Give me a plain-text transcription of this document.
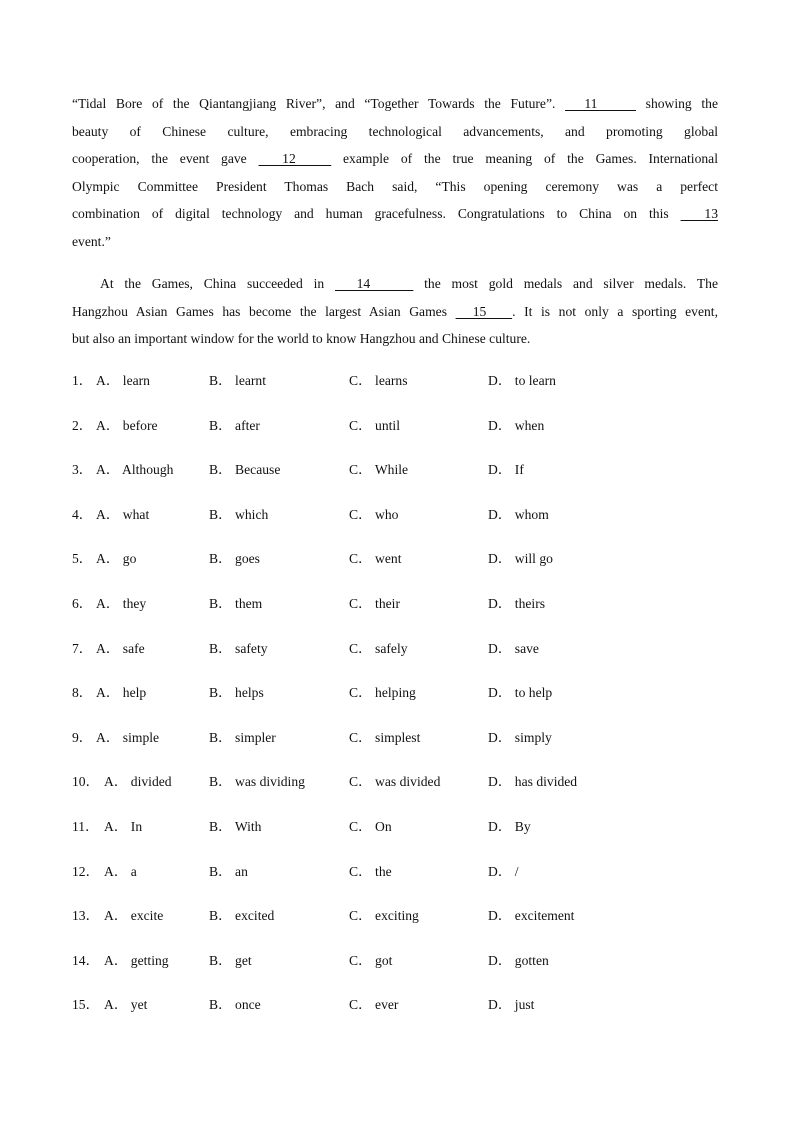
“Tidal Bore of the Qiantangjiang River”, and “Together Towards the Future”.   11     showing the
beauty of Chinese culture, embracing technological advancements, and promoting global
cooperation, the event gave   12    example of the true meaning of the Games. International
Olympic Committee President Thomas Bach said, “This opening ceremony was a perfect
combination of digital technology and human gracefulness. Congratulations to China on this   13
event.”
At the Games, China succeeded in   14     the most gold medals and silver medals. The
Hangzhou Asian Games has become the largest Asian Games   15   . It is not only a sporting event,
but also an important window for the world to know Hangzhou and Chinese culture.
1． A． learn	B． learnt	C． learns	D． to learn
2． A． before	B． after	C． until	D． when
3． A． Although	B． Because	C． While	D． If
4． A． what	B． which	C． who	D． whom
5． A． go	B． goes	C． went	D． will go
6． A． they	B． them	C． their	D． theirs
7． A． safe	B． safety	C． safely	D． save
8． A． help	B． helps	C． helping	D． to help
9． A． simple	B． simpler	C． simplest	D． simply
10． A． divided	B． was dividing	C． was divided	D． has divided
11． A． In	B． With	C． On	D． By
12． A． a	B． an	C． the	D． /
13． A． excite	B． excited	C． exciting	D． excitement
14． A． getting	B． get	C． got	D． gotten
15． A． yet	B． once	C． ever	D． just
